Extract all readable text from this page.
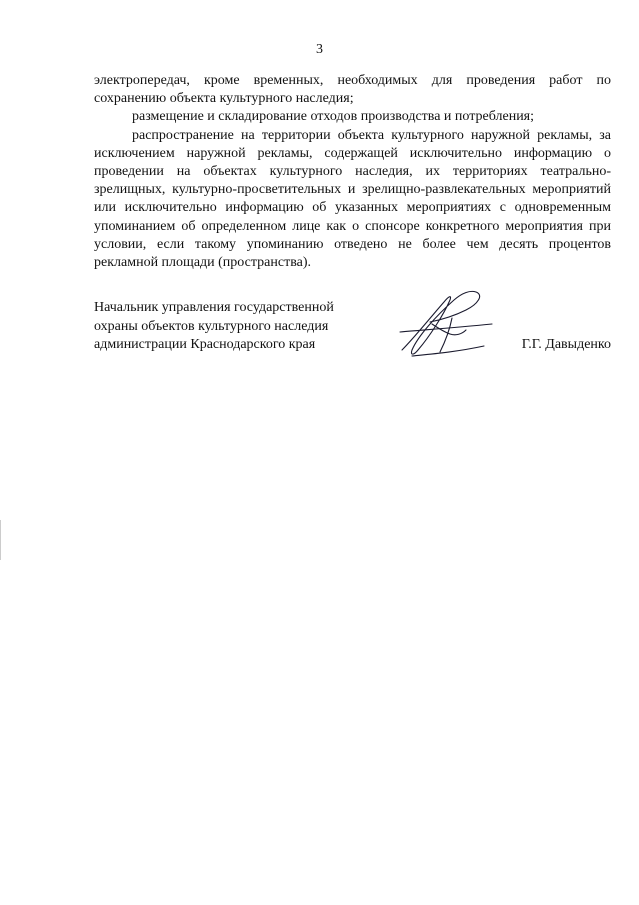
3

электропередач, кроме временных, необходимых для проведения работ по сохранению объекта культурного наследия;

размещение и складирование отходов производства и потребления;

распространение на территории объекта культурного наружной рекламы, за исключением наружной рекламы, содержащей исключительно информацию о проведении на объектах культурного наследия, их территориях театрально-зрелищных, культурно-просветительных и зрелищно-развлекательных мероприятий или исключительно информацию об указанных мероприятиях с одновременным упоминанием об определенном лице как о спонсоре конкретного мероприятия при условии, если такому упоминанию отведено не более чем десять процентов рекламной площади (пространства).

Начальник управления государственной
охраны объектов культурного наследия
администрации Краснодарского края	Г.Г. Давыденко
